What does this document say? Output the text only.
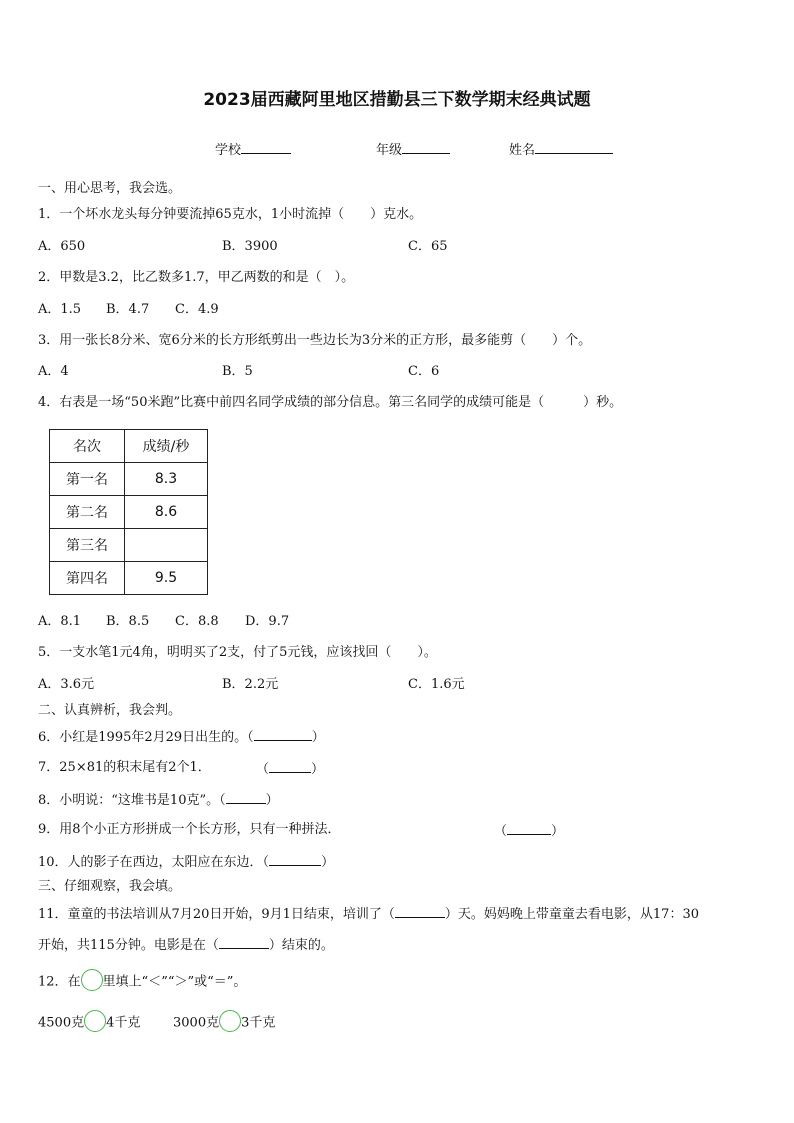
2023届西藏阿里地区措勤县三下数学期末经典试题
学校	年级	姓名
一、用心思考，我会选。
1．一个坏水龙头每分钟要流掉65克水，1小时流掉（　　）克水。
A．650	B．3900	C．65
2．甲数是3.2，比乙数多1.7，甲乙两数的和是（　）。
A．1.5 B．4.7 C．4.9
3．用一张长8分米、宽6分米的长方形纸剪出一些边长为3分米的正方形，最多能剪（　　）个。
A．4	B．5	C．6
4．右表是一场“50米跑”比赛中前四名同学成绩的部分信息。第三名同学的成绩可能是（　　　）秒。
名次	成绩/秒
第一名	8.3
第二名	8.6
第三名	
第四名	9.5
A．8.1 B．8.5 C．8.8 D．9.7
5．一支水笔1元4角，明明买了2支，付了5元钱，应该找回（　　）。
A．3.6元	B．2.2元	C．1.6元
二、认真辨析，我会判。
6．小红是1995年2月29日出生的。（	）
7．25×81的积末尾有2个1．	（	）
8．小明说：“这堆书是10克”。（	）
9．用8个小正方形拼成一个长方形，只有一种拼法．	（	）
10．人的影子在西边，太阳应在东边．（	）
三、仔细观察，我会填。
11．童童的书法培训从7月20日开始，9月1日结束，培训了（	）天。妈妈晚上带童童去看电影，从17：30
开始，共115分钟。电影是在（	）结束的。
12．在 里填上“＜”“＞”或“＝”。
4500克 4千克	3000克 3千克
